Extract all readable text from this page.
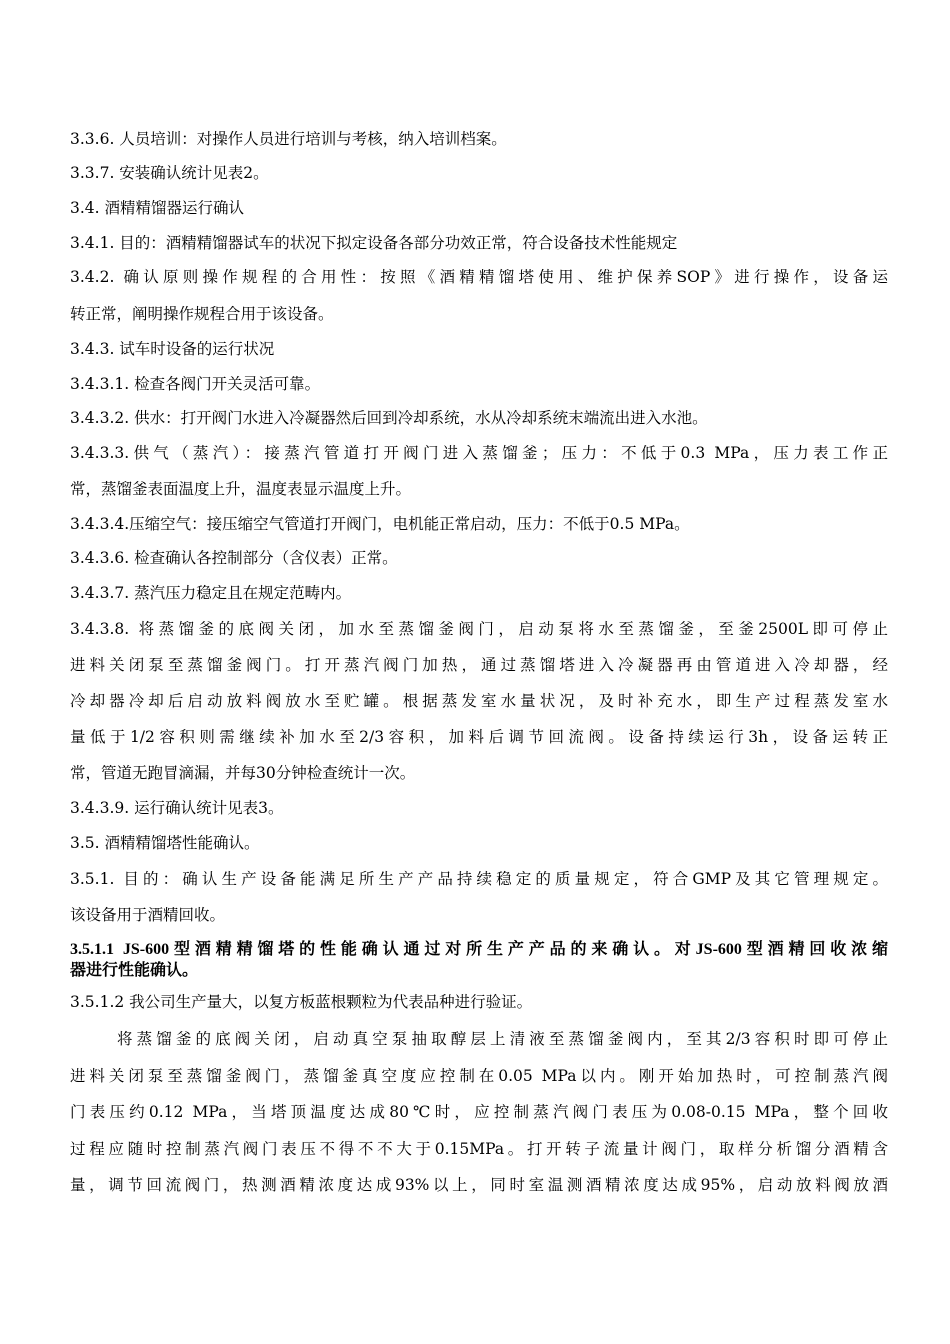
3.3.6. 人员培训：对操作人员进行培训与考核，纳入培训档案。
3.3.7. 安装确认统计见表2。
3.4. 酒精精馏器运行确认
3.4.1. 目的：酒精精馏器试车的状况下拟定设备各部分功效正常，符合设备技术性能规定
3.4.2. 确认原则操作规程的合用性：按照《酒精精馏塔使用、维护保养SOP》进行操作，设备运
转正常，阐明操作规程合用于该设备。
3.4.3. 试车时设备的运行状况
3.4.3.1. 检查各阀门开关灵活可靠。
3.4.3.2. 供水：打开阀门水进入冷凝器然后回到冷却系统，水从冷却系统末端流出进入水池。
3.4.3.3.供气（蒸汽）：接蒸汽管道打开阀门进入蒸馏釜；压力：不低于0.3 MPa，压力表工作正
常，蒸馏釜表面温度上升，温度表显示温度上升。
3.4.3.4.压缩空气：接压缩空气管道打开阀门，电机能正常启动，压力：不低于0.5 MPa。
3.4.3.6. 检查确认各控制部分（含仪表）正常。
3.4.3.7. 蒸汽压力稳定且在规定范畴内。
3.4.3.8. 将蒸馏釜的底阀关闭，加水至蒸馏釜阀门，启动泵将水至蒸馏釜，至釜2500L即可停止
进料关闭泵至蒸馏釜阀门。打开蒸汽阀门加热，通过蒸馏塔进入冷凝器再由管道进入冷却器，经
冷却器冷却后启动放料阀放水至贮罐。根据蒸发室水量状况，及时补充水，即生产过程蒸发室水
量低于1/2容积则需继续补加水至2/3容积，加料后调节回流阀。设备持续运行3h，设备运转正
常，管道无跑冒滴漏，并每30分钟检查统计一次。
3.4.3.9. 运行确认统计见表3。
3.5. 酒精精馏塔性能确认。
3.5.1. 目的：确认生产设备能满足所生产产品持续稳定的质量规定，符合GMP及其它管理规定。
该设备用于酒精回收。
3.5.1.1 JS-600型酒精精馏塔的性能确认通过对所生产产品的来确认。对JS-600型酒精回收浓缩
器进行性能确认。
3.5.1.2 我公司生产量大，以复方板蓝根颗粒为代表品种进行验证。
将蒸馏釜的底阀关闭，启动真空泵抽取醇层上清液至蒸馏釜阀内，至其2/3容积时即可停止
进料关闭泵至蒸馏釜阀门，蒸馏釜真空度应控制在0.05 MPa以内。刚开始加热时，可控制蒸汽阀
门表压约0.12 MPa，当塔顶温度达成80℃时，应控制蒸汽阀门表压为0.08-0.15 MPa，整个回收
过程应随时控制蒸汽阀门表压不得不不大于0.15MPa。打开转子流量计阀门，取样分析馏分酒精含
量，调节回流阀门，热测酒精浓度达成93%以上，同时室温测酒精浓度达成95%，启动放料阀放酒
